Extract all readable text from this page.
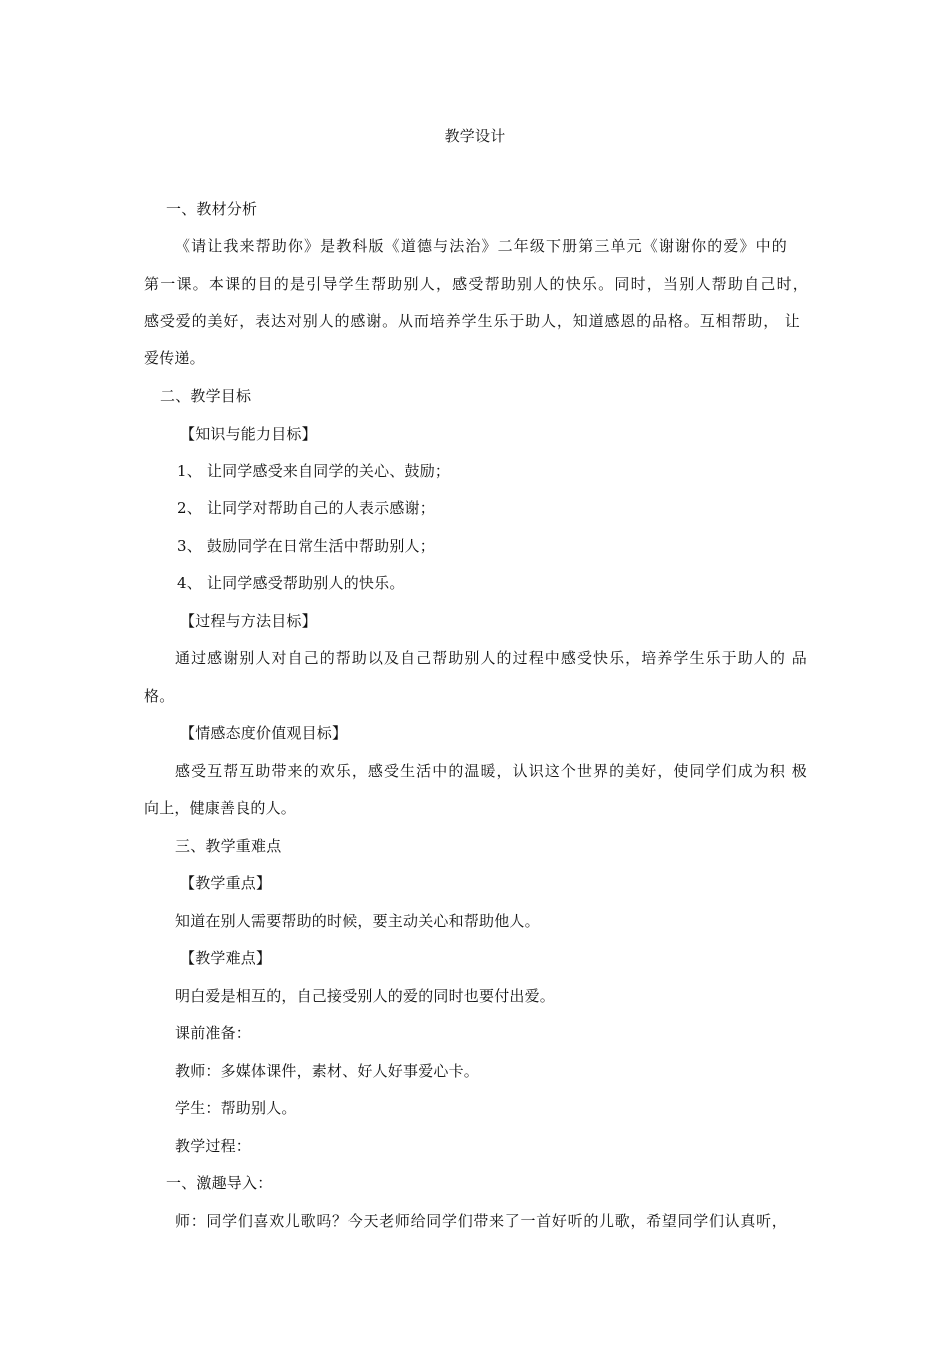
教学设计
一、教材分析
《请让我来帮助你》是教科版《道德与法治》二年级下册第三单元《谢谢你的爱》中的
第一课。本课的目的是引导学生帮助别人，感受帮助别人的快乐。同时，当别人帮助自己时，
感受爱的美好，表达对别人的感谢。从而培养学生乐于助人，知道感恩的品格。互相帮助， 让
爱传递。
二、教学目标
【知识与能力目标】
1、 让同学感受来自同学的关心、鼓励；
2、 让同学对帮助自己的人表示感谢；
3、 鼓励同学在日常生活中帮助别人；
4、 让同学感受帮助别人的快乐。
【过程与方法目标】
通过感谢别人对自己的帮助以及自己帮助别人的过程中感受快乐，培养学生乐于助人的 品
格。
【情感态度价值观目标】
感受互帮互助带来的欢乐，感受生活中的温暖，认识这个世界的美好，使同学们成为积 极
向上，健康善良的人。
三、教学重难点
【教学重点】
知道在别人需要帮助的时候，要主动关心和帮助他人。
【教学难点】
明白爱是相互的，自己接受别人的爱的同时也要付出爱。
课前准备：
教师：多媒体课件，素材、好人好事爱心卡。
学生：帮助别人。
教学过程：
一、激趣导入：
师：同学们喜欢儿歌吗？今天老师给同学们带来了一首好听的儿歌，希望同学们认真听，
